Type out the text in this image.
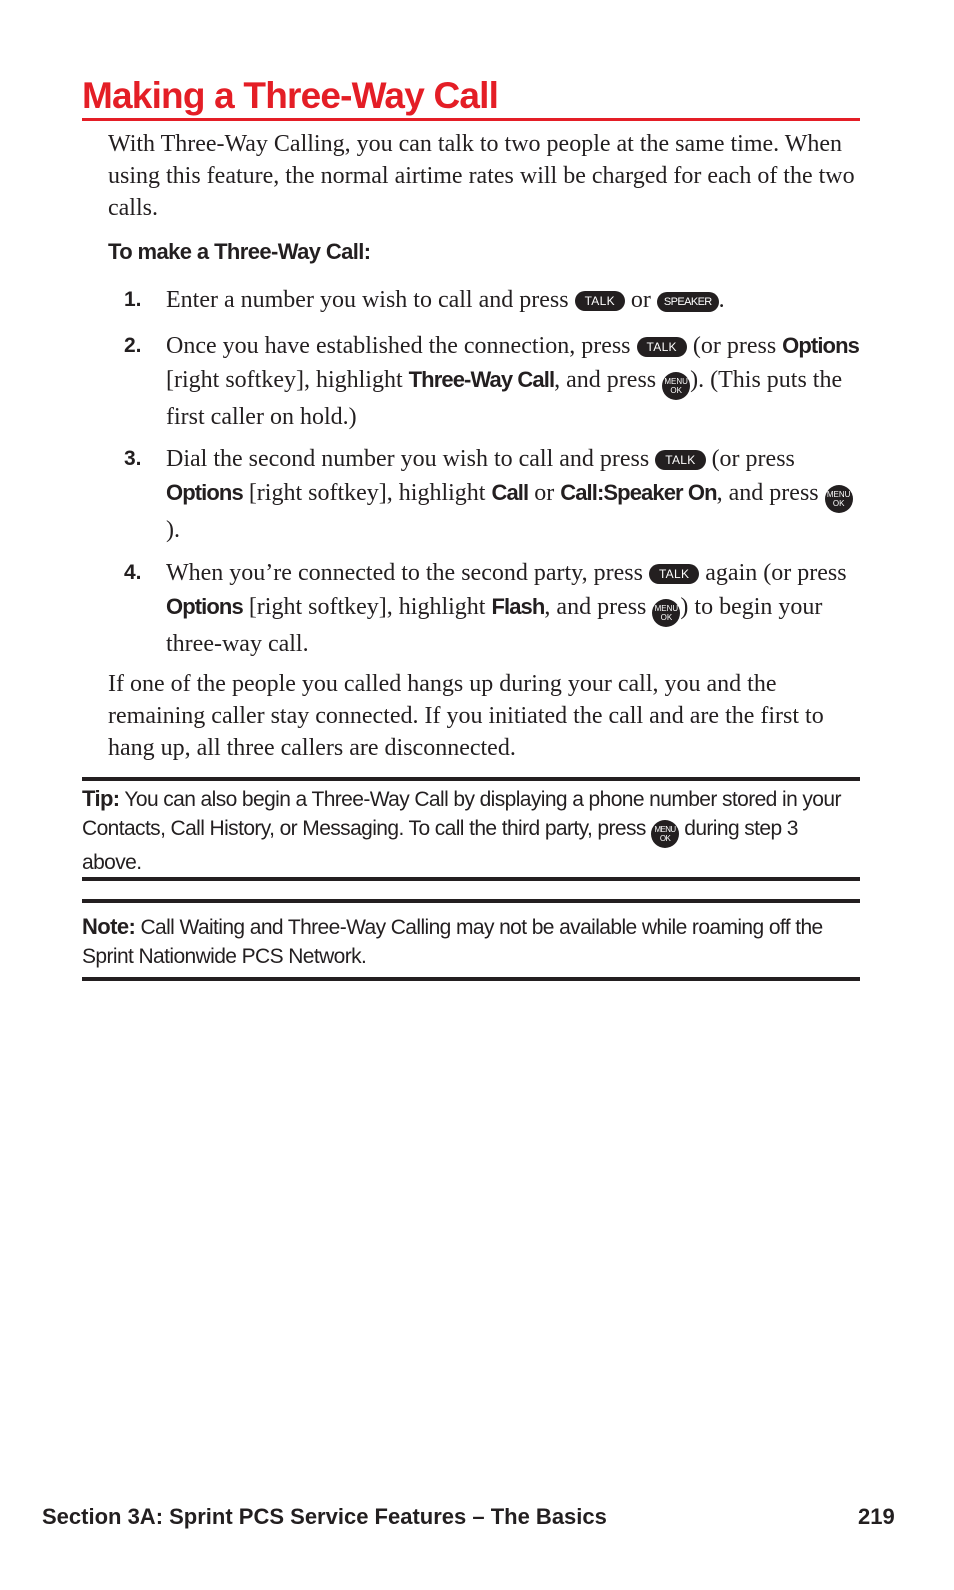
Making a Three-Way Call

With Three-Way Calling, you can talk to two people at the same time. When using this feature, the normal airtime rates will be charged for each of the two calls.

To make a Three-Way Call:

1. Enter a number you wish to call and press TALK or SPEAKER .
2. Once you have established the connection, press TALK (or press Options [right softkey], highlight Three-Way Call, and press MENU
OK ). (This puts the first caller on hold.)
3. Dial the second number you wish to call and press TALK (or press Options [right softkey], highlight Call or Call:Speaker On, and press MENU
OK).
4. When you’re connected to the second party, press TALK again (or press Options [right softkey], highlight Flash, and press MENU
OK ) to begin your three-way call.

If one of the people you called hangs up during your call, you and the remaining caller stay connected. If you initiated the call and are the first to hang up, all three callers are disconnected.

Tip: You can also begin a Three-Way Call by displaying a phone number stored in your Contacts, Call History, or Messaging. To call the third party, press MENU
OK during step 3 above.

Note: Call Waiting and Three-Way Calling may not be available while roaming off the Sprint Nationwide PCS Network.

Section 3A: Sprint PCS Service Features – The Basics	219
